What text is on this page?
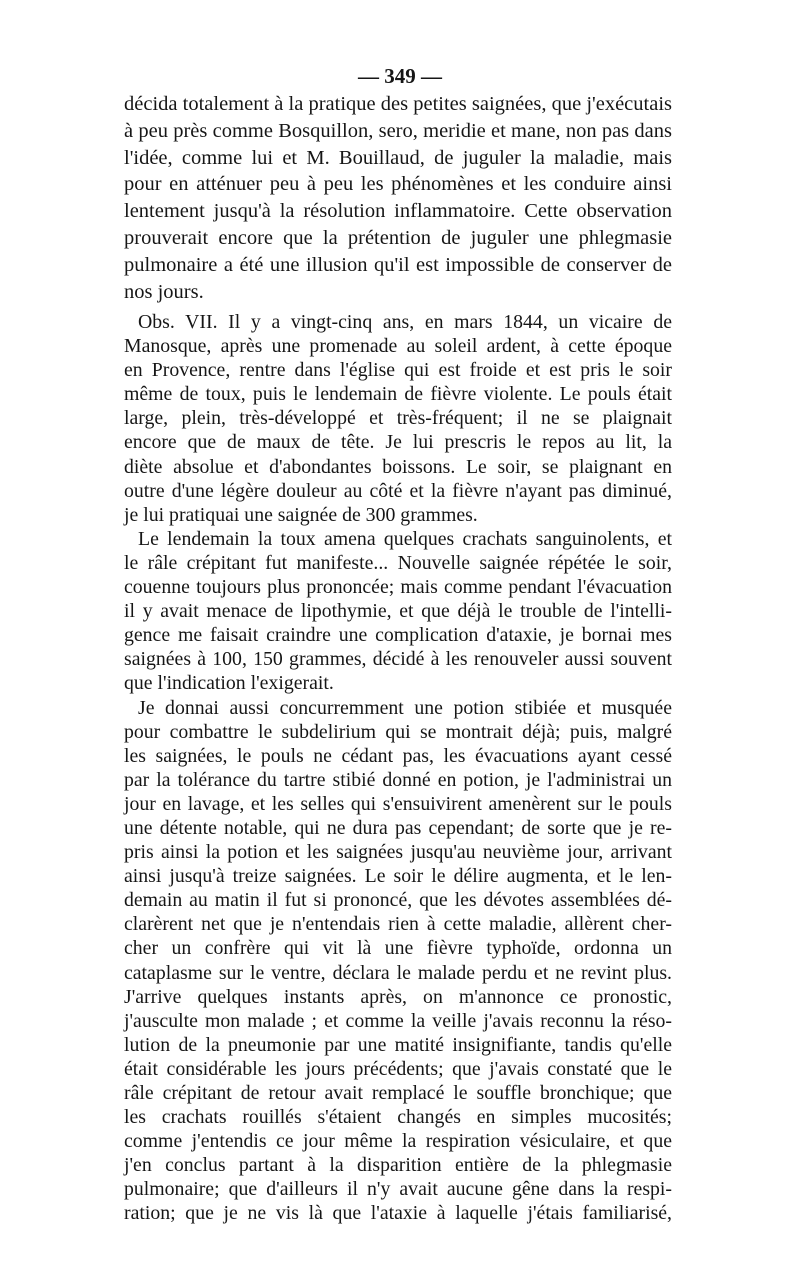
— 349 —
décida totalement à la pratique des petites saignées, que j'exécutais
à peu près comme Bosquillon, sero, meridie et mane, non pas dans
l'idée, comme lui et M. Bouillaud, de juguler la maladie, mais
pour en atténuer peu à peu les phénomènes et les conduire ainsi
lentement jusqu'à la résolution inflammatoire. Cette observation
prouverait encore que la prétention de juguler une phlegmasie
pulmonaire a été une illusion qu'il est impossible de conserver de
nos jours.
Obs. VII. Il y a vingt-cinq ans, en mars 1844, un vicaire de
Manosque, après une promenade au soleil ardent, à cette époque
en Provence, rentre dans l'église qui est froide et est pris le soir
même de toux, puis le lendemain de fièvre violente. Le pouls était
large, plein, très-développé et très-fréquent; il ne se plaignait
encore que de maux de tête. Je lui prescris le repos au lit, la
diète absolue et d'abondantes boissons. Le soir, se plaignant en
outre d'une légère douleur au côté et la fièvre n'ayant pas diminué,
je lui pratiquai une saignée de 300 grammes.
Le lendemain la toux amena quelques crachats sanguinolents, et
le râle crépitant fut manifeste... Nouvelle saignée répétée le soir,
couenne toujours plus prononcée; mais comme pendant l'évacuation
il y avait menace de lipothymie, et que déjà le trouble de l'intelli-
gence me faisait craindre une complication d'ataxie, je bornai mes
saignées à 100, 150 grammes, décidé à les renouveler aussi souvent
que l'indication l'exigerait.
Je donnai aussi concurremment une potion stibiée et musquée
pour combattre le subdelirium qui se montrait déjà; puis, malgré
les saignées, le pouls ne cédant pas, les évacuations ayant cessé
par la tolérance du tartre stibié donné en potion, je l'administrai un
jour en lavage, et les selles qui s'ensuivirent amenèrent sur le pouls
une détente notable, qui ne dura pas cependant; de sorte que je re-
pris ainsi la potion et les saignées jusqu'au neuvième jour, arrivant
ainsi jusqu'à treize saignées. Le soir le délire augmenta, et le len-
demain au matin il fut si prononcé, que les dévotes assemblées dé-
clarèrent net que je n'entendais rien à cette maladie, allèrent cher-
cher un confrère qui vit là une fièvre typhoïde, ordonna un
cataplasme sur le ventre, déclara le malade perdu et ne revint plus.
J'arrive quelques instants après, on m'annonce ce pronostic,
j'ausculte mon malade ; et comme la veille j'avais reconnu la réso-
lution de la pneumonie par une matité insignifiante, tandis qu'elle
était considérable les jours précédents; que j'avais constaté que le
râle crépitant de retour avait remplacé le souffle bronchique; que
les crachats rouillés s'étaient changés en simples mucosités;
comme j'entendis ce jour même la respiration vésiculaire, et que
j'en conclus partant à la disparition entière de la phlegmasie
pulmonaire; que d'ailleurs il n'y avait aucune gêne dans la respi-
ration; que je ne vis là que l'ataxie à laquelle j'étais familiarisé,
